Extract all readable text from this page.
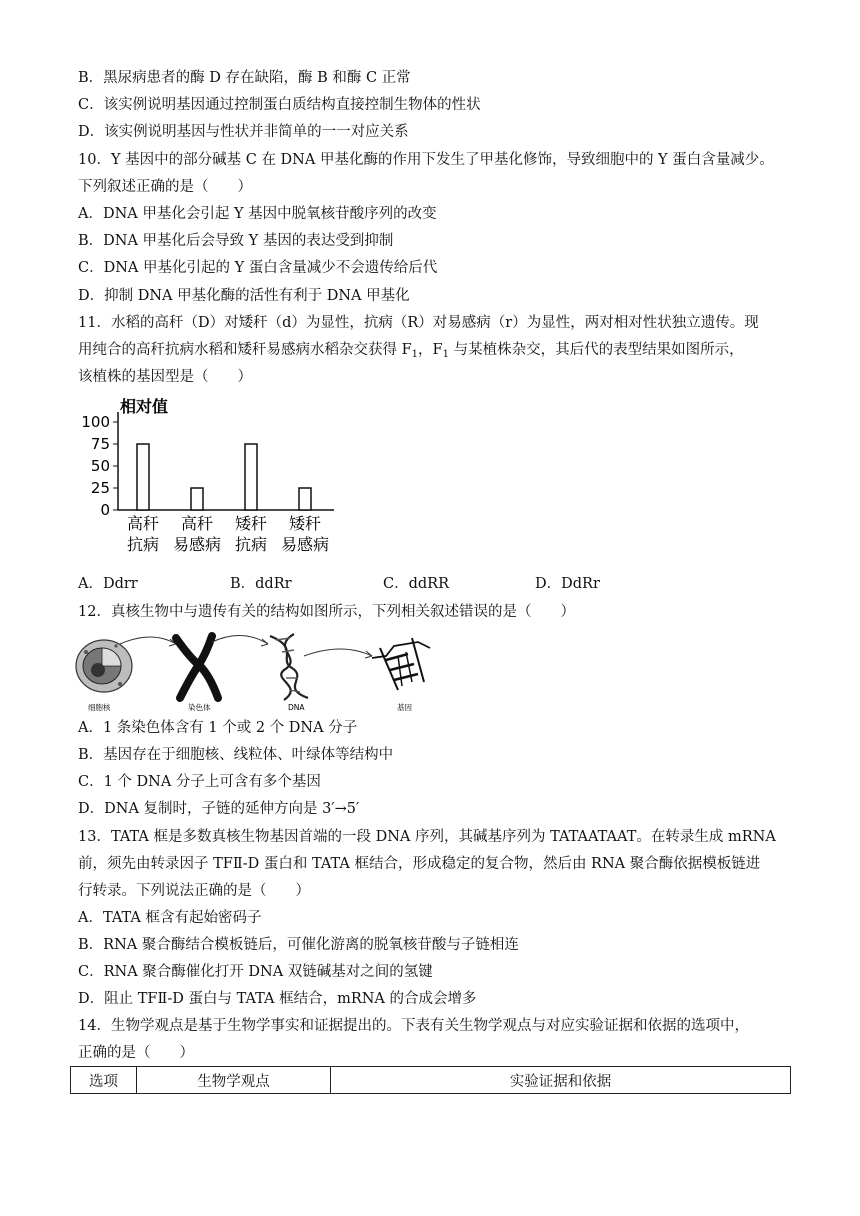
B．黑尿病患者的酶 D 存在缺陷，酶 B 和酶 C 正常
C．该实例说明基因通过控制蛋白质结构直接控制生物体的性状
D．该实例说明基因与性状并非简单的一一对应关系
10．Y 基因中的部分碱基 C 在 DNA 甲基化酶的作用下发生了甲基化修饰，导致细胞中的 Y 蛋白含量减少。
下列叙述正确的是（　　）
A．DNA 甲基化会引起 Y 基因中脱氧核苷酸序列的改变
B．DNA 甲基化后会导致 Y 基因的表达受到抑制
C．DNA 甲基化引起的 Y 蛋白含量减少不会遗传给后代
D．抑制 DNA 甲基化酶的活性有利于 DNA 甲基化
11．水稻的高秆（D）对矮秆（d）为显性，抗病（R）对易感病（r）为显性，两对相对性状独立遗传。现
用纯合的高秆抗病水稻和矮秆易感病水稻杂交获得 $F_1$，$F_1$ 与某植株杂交，其后代的表型结果如图所示，
该植株的基因型是（　　）
相对值
0
25
50
75
100
高秆
抗病
高秆
易感病
矮秆
抗病
矮秆
易感病
A．Ddrr	B．ddRr	C．ddRR	D．DdRr
12．真核生物中与遗传有关的结构如图所示，下列相关叙述错误的是（　　）
细胞核	染色体	DNA	基因
A．1 条染色体含有 1 个或 2 个 DNA 分子
B．基因存在于细胞核、线粒体、叶绿体等结构中
C．1 个 DNA 分子上可含有多个基因
D．DNA 复制时，子链的延伸方向是 3′→5′
13．TATA 框是多数真核生物基因首端的一段 DNA 序列，其碱基序列为 TATAATAAT。在转录生成 mRNA
前，须先由转录因子 TFⅡ-D 蛋白和 TATA 框结合，形成稳定的复合物，然后由 RNA 聚合酶依据模板链进
行转录。下列说法正确的是（　　）
A．TATA 框含有起始密码子
B．RNA 聚合酶结合模板链后，可催化游离的脱氧核苷酸与子链相连
C．RNA 聚合酶催化打开 DNA 双链碱基对之间的氢键
D．阻止 TFⅡ-D 蛋白与 TATA 框结合，mRNA 的合成会增多
14．生物学观点是基于生物学事实和证据提出的。下表有关生物学观点与对应实验证据和依据的选项中，
正确的是（　　）
选项	生物学观点	实验证据和依据
